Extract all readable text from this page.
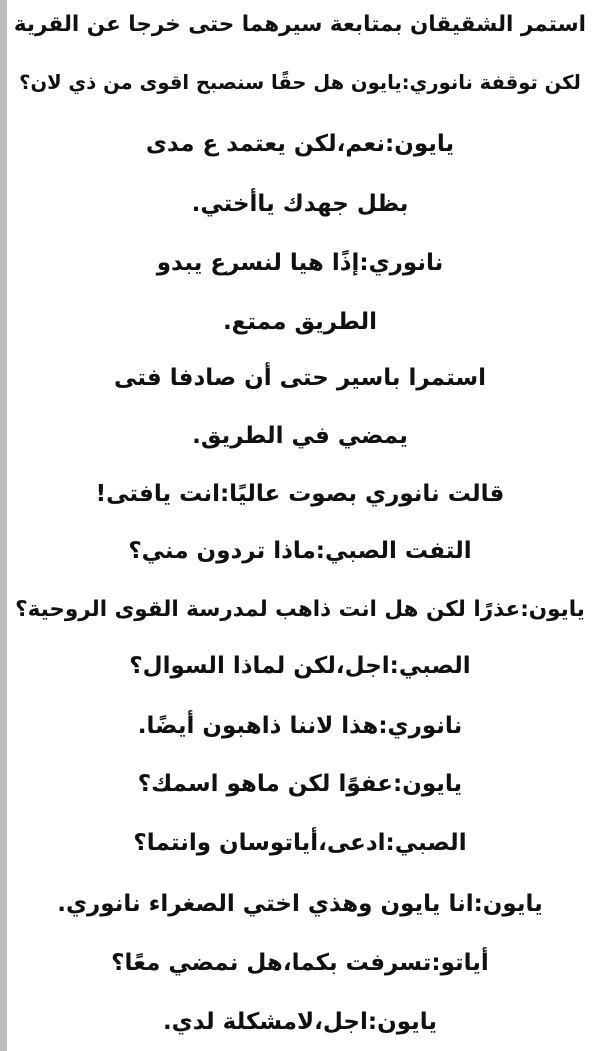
استمر الشقيقان بمتابعة سيرهما حتى خرجا عن القرية
لكن توقفة نانوري:يايون هل حقًا سنصبح اقوى من ذي لان؟
يايون:نعم،لكن يعتمد ع مدى
بظل جهدك ياأختي.
نانوري:إذًا هيا لنسرع يبدو
الطريق ممتع.
استمرا باسير حتى أن صادفا فتى
يمضي في الطريق.
قالت نانوري بصوت عاليًا:انت يافتى!
التفت الصبي:ماذا تردون مني؟
يايون:عذرًا لكن هل انت ذاهب لمدرسة القوى الروحية؟
الصبي:اجل،لكن لماذا السوال؟
نانوري:هذا لاننا ذاهبون أيضًا.
يايون:عفوًا لكن ماهو اسمك؟
الصبي:ادعى،أياتوسان وانتما؟
يايون:انا يايون وهذي اختي الصغراء نانوري.
أياتو:تسرفت بكما،هل نمضي معًا؟
يايون:اجل،لامشكلة لدي.
